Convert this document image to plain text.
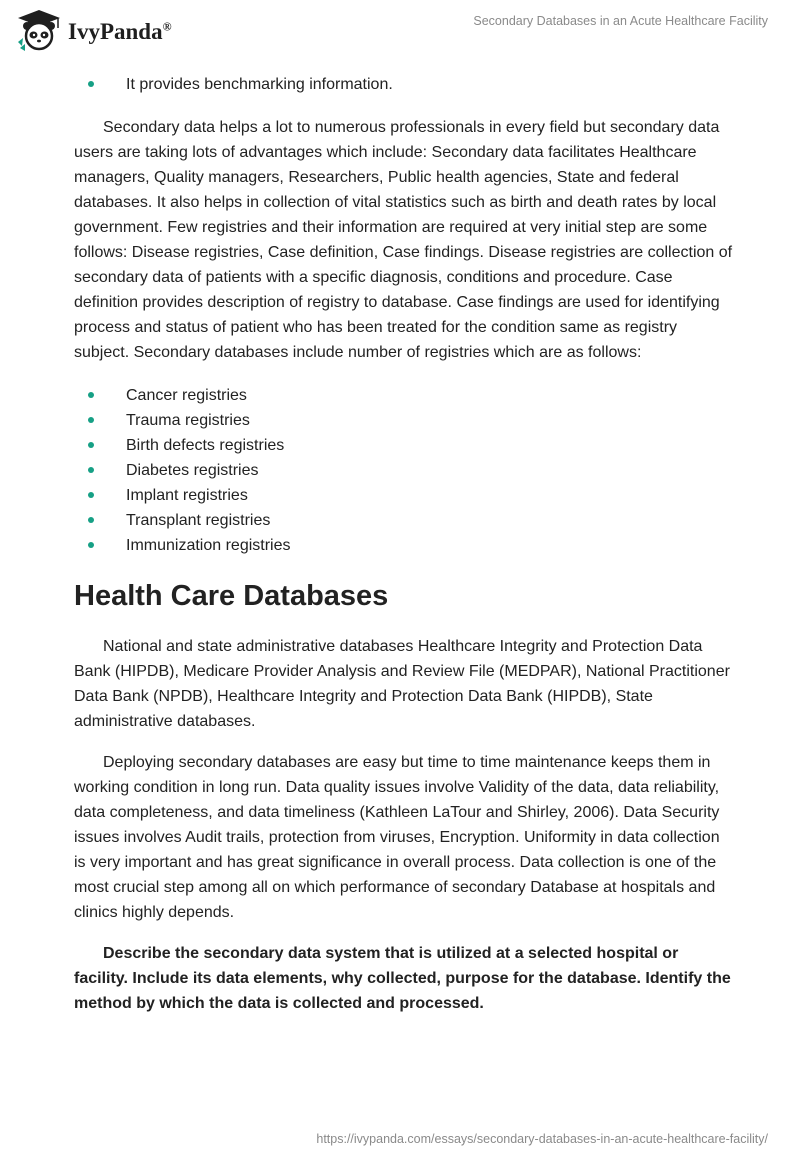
IvyPanda®	Secondary Databases in an Acute Healthcare Facility
It provides benchmarking information.

Secondary data helps a lot to numerous professionals in every field but secondary data users are taking lots of advantages which include: Secondary data facilitates Healthcare managers, Quality managers, Researchers, Public health agencies, State and federal databases. It also helps in collection of vital statistics such as birth and death rates by local government. Few registries and their information are required at very initial step are some follows: Disease registries, Case definition, Case findings. Disease registries are collection of secondary data of patients with a specific diagnosis, conditions and procedure. Case definition provides description of registry to database. Case findings are used for identifying process and status of patient who has been treated for the condition same as registry subject. Secondary databases include number of registries which are as follows:

Cancer registries
Trauma registries
Birth defects registries
Diabetes registries
Implant registries
Transplant registries
Immunization registries
Health Care Databases

National and state administrative databases Healthcare Integrity and Protection Data Bank (HIPDB), Medicare Provider Analysis and Review File (MEDPAR), National Practitioner Data Bank (NPDB), Healthcare Integrity and Protection Data Bank (HIPDB), State administrative databases.

Deploying secondary databases are easy but time to time maintenance keeps them in working condition in long run. Data quality issues involve Validity of the data, data reliability, data completeness, and data timeliness (Kathleen LaTour and Shirley, 2006). Data Security issues involves Audit trails, protection from viruses, Encryption. Uniformity in data collection is very important and has great significance in overall process. Data collection is one of the most crucial step among all on which performance of secondary Database at hospitals and clinics highly depends.

Describe the secondary data system that is utilized at a selected hospital or facility. Include its data elements, why collected, purpose for the database. Identify the method by which the data is collected and processed.

https://ivypanda.com/essays/secondary-databases-in-an-acute-healthcare-facility/
